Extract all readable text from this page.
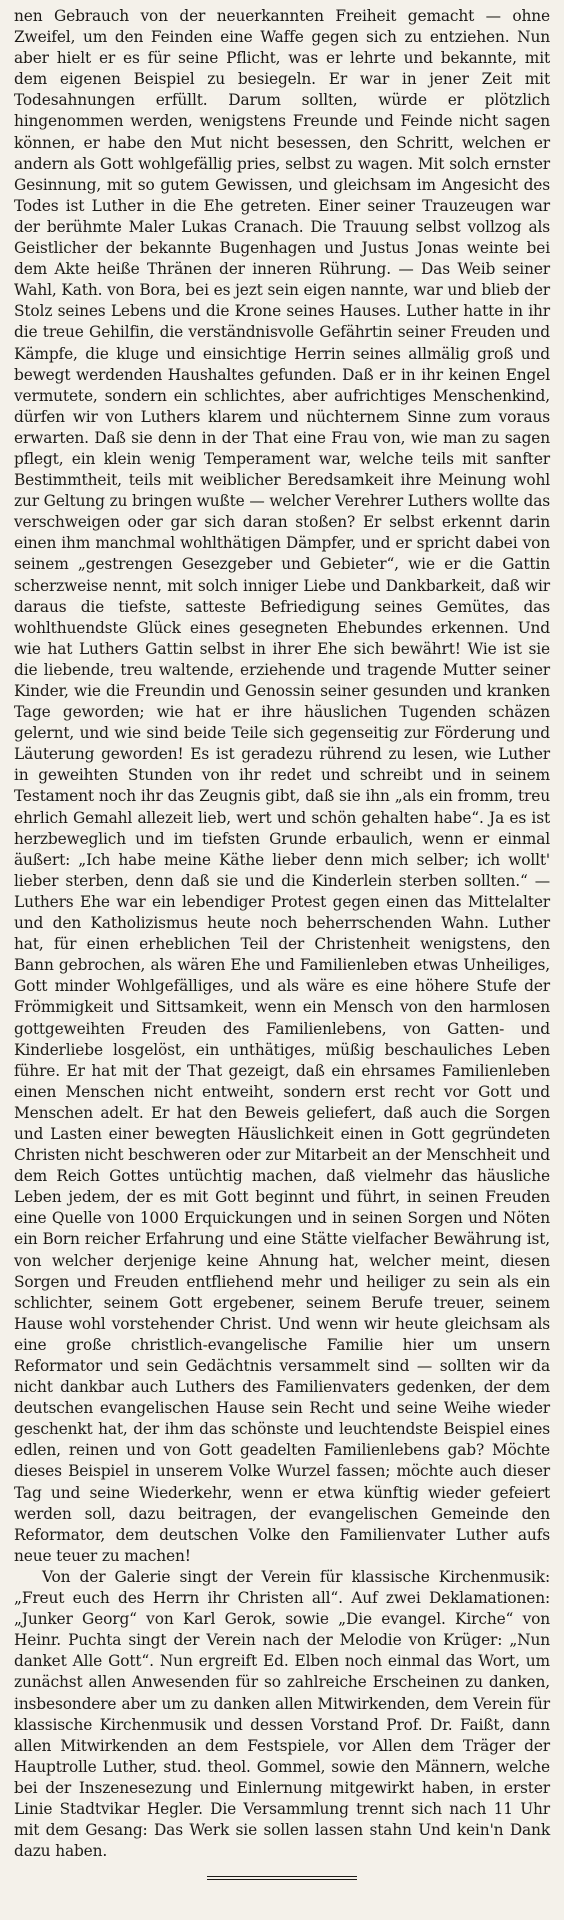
nen Gebrauch von der neuerkannten Freiheit gemacht — ohne Zweifel, um den Feinden eine Waffe gegen sich zu entziehen. Nun aber hielt er es für seine Pflicht, was er lehrte und bekannte, mit dem eigenen Beispiel zu besiegeln. Er war in jener Zeit mit Todesahnungen erfüllt. Darum sollten, würde er plötzlich hingenommen werden, wenigstens Freunde und Feinde nicht sagen können, er habe den Mut nicht besessen, den Schritt, welchen er andern als Gott wohlgefällig pries, selbst zu wagen. Mit solch ernster Gesinnung, mit so gutem Gewissen, und gleichsam im Angesicht des Todes ist Luther in die Ehe getreten. Einer seiner Trauzeugen war der berühmte Maler Lukas Cranach. Die Trauung selbst vollzog als Geistlicher der bekannte Bugenhagen und Justus Jonas weinte bei dem Akte heiße Thränen der inneren Rührung. — Das Weib seiner Wahl, Kath. von Bora, bei es jezt sein eigen nannte, war und blieb der Stolz seines Lebens und die Krone seines Hauses. Luther hatte in ihr die treue Gehilfin, die verständnisvolle Gefährtin seiner Freuden und Kämpfe, die kluge und einsichtige Herrin seines allmälig groß und bewegt werdenden Haushaltes gefunden. Daß er in ihr keinen Engel vermutete, sondern ein schlichtes, aber aufrichtiges Menschenkind, dürfen wir von Luthers klarem und nüchternem Sinne zum voraus erwarten. Daß sie denn in der That eine Frau von, wie man zu sagen pflegt, ein klein wenig Temperament war, welche teils mit sanfter Bestimmtheit, teils mit weiblicher Beredsamkeit ihre Meinung wohl zur Geltung zu bringen wußte — welcher Verehrer Luthers wollte das verschweigen oder gar sich daran stoßen? Er selbst erkennt darin einen ihm manchmal wohlthätigen Dämpfer, und er spricht dabei von seinem „gestrengen Gesezgeber und Gebieter“, wie er die Gattin scherzweise nennt, mit solch inniger Liebe und Dankbarkeit, daß wir daraus die tiefste, satteste Befriedigung seines Gemütes, das wohlthuendste Glück eines gesegneten Ehebundes erkennen. Und wie hat Luthers Gattin selbst in ihrer Ehe sich bewährt! Wie ist sie die liebende, treu waltende, erziehende und tragende Mutter seiner Kinder, wie die Freundin und Genossin seiner gesunden und kranken Tage geworden; wie hat er ihre häuslichen Tugenden schäzen gelernt, und wie sind beide Teile sich gegenseitig zur Förderung und Läuterung geworden! Es ist geradezu rührend zu lesen, wie Luther in geweihten Stunden von ihr redet und schreibt und in seinem Testament noch ihr das Zeugnis gibt, daß sie ihn „als ein fromm, treu ehrlich Gemahl allezeit lieb, wert und schön gehalten habe“. Ja es ist herzbeweglich und im tiefsten Grunde erbaulich, wenn er einmal äußert: „Ich habe meine Käthe lieber denn mich selber; ich wollt' lieber sterben, denn daß sie und die Kinderlein sterben sollten.“ — Luthers Ehe war ein lebendiger Protest gegen einen das Mittelalter und den Katholizismus heute noch beherrschenden Wahn. Luther hat, für einen erheblichen Teil der Christenheit wenigstens, den Bann gebrochen, als wären Ehe und Familienleben etwas Unheiliges, Gott minder Wohlgefälliges, und als wäre es eine höhere Stufe der Frömmigkeit und Sittsamkeit, wenn ein Mensch von den harmlosen gottgeweihten Freuden des Familienlebens, von Gatten- und Kinderliebe losgelöst, ein unthätiges, müßig beschauliches Leben führe. Er hat mit der That gezeigt, daß ein ehrsames Familienleben einen Menschen nicht entweiht, sondern erst recht vor Gott und Menschen adelt. Er hat den Beweis geliefert, daß auch die Sorgen und Lasten einer bewegten Häuslichkeit einen in Gott gegründeten Christen nicht beschweren oder zur Mitarbeit an der Menschheit und dem Reich Gottes untüchtig machen, daß vielmehr das häusliche Leben jedem, der es mit Gott beginnt und führt, in seinen Freuden eine Quelle von 1000 Erquickungen und in seinen Sorgen und Nöten ein Born reicher Erfahrung und eine Stätte vielfacher Bewährung ist, von welcher derjenige keine Ahnung hat, welcher meint, diesen Sorgen und Freuden entfliehend mehr und heiliger zu sein als ein schlichter, seinem Gott ergebener, seinem Berufe treuer, seinem Hause wohl vorstehender Christ. Und wenn wir heute gleichsam als eine große christlich-evangelische Familie hier um unsern Reformator und sein Gedächtnis versammelt sind — sollten wir da nicht dankbar auch Luthers des Familienvaters gedenken, der dem deutschen evangelischen Hause sein Recht und seine Weihe wieder geschenkt hat, der ihm das schönste und leuchtendste Beispiel eines edlen, reinen und von Gott geadelten Familienlebens gab? Möchte dieses Beispiel in unserem Volke Wurzel fassen; möchte auch dieser Tag und seine Wiederkehr, wenn er etwa künftig wieder gefeiert werden soll, dazu beitragen, der evangelischen Gemeinde den Reformator, dem deutschen Volke den Familienvater Luther aufs neue teuer zu machen!

Von der Galerie singt der Verein für klassische Kirchenmusik: „Freut euch des Herrn ihr Christen all“. Auf zwei Deklamationen: „Junker Georg“ von Karl Gerok, sowie „Die evangel. Kirche“ von Heinr. Puchta singt der Verein nach der Melodie von Krüger: „Nun danket Alle Gott“. Nun ergreift Ed. Elben noch einmal das Wort, um zunächst allen Anwesenden für so zahlreiche Erscheinen zu danken, insbesondere aber um zu danken allen Mitwirkenden, dem Verein für klassische Kirchenmusik und dessen Vorstand Prof. Dr. Faißt, dann allen Mitwirkenden an dem Festspiele, vor Allen dem Träger der Hauptrolle Luther, stud. theol. Gommel, sowie den Männern, welche bei der Inszenesezung und Einlernung mitgewirkt haben, in erster Linie Stadtvikar Hegler. Die Versammlung trennt sich nach 11 Uhr mit dem Gesang: Das Werk sie sollen lassen stahn Und kein'n Dank dazu haben.
